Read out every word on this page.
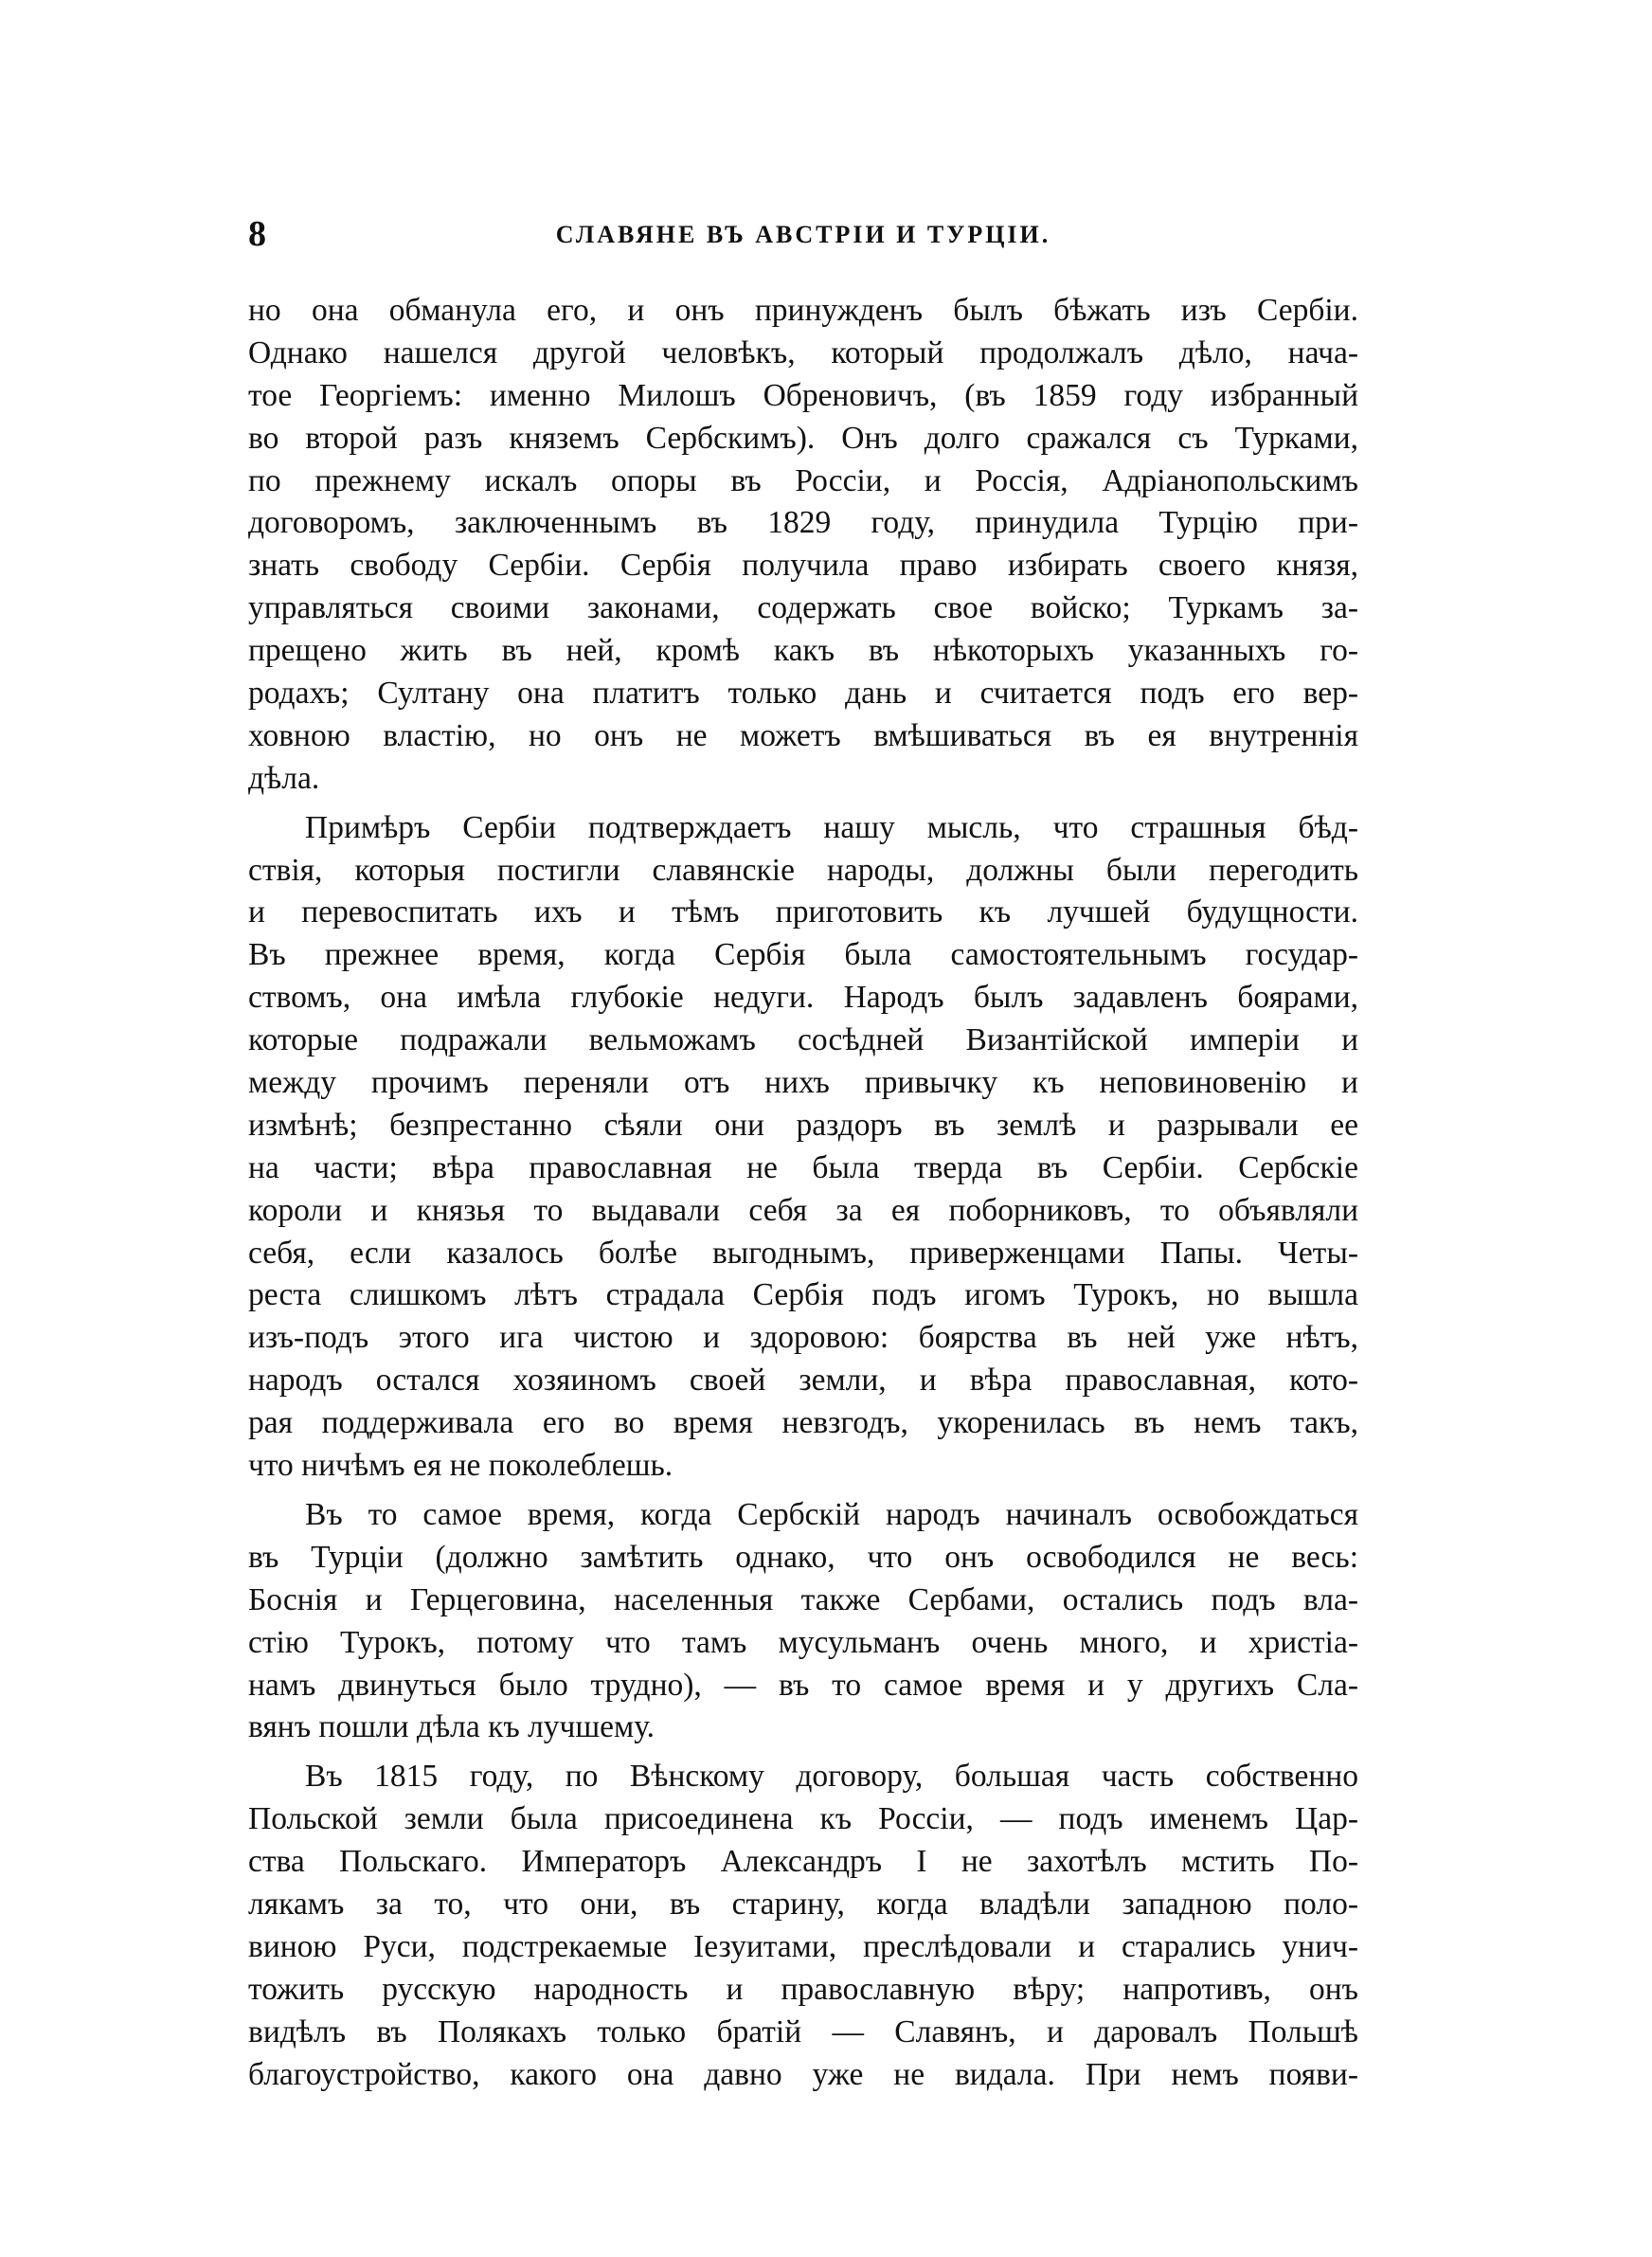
8	СЛАВЯНЕ ВЪ АВСТРІИ И ТУРЦІИ.

но она обманула его, и онъ принужденъ былъ бѣжать изъ Сербіи.
Однако нашелся другой человѣкъ, который продолжалъ дѣло, нача-
тое Георгіемъ: именно Милошъ Обреновичъ, (въ 1859 году избранный
во второй разъ княземъ Сербскимъ). Онъ долго сражался съ Турками,
по прежнему искалъ опоры въ Россіи, и Россія, Адріанопольскимъ
договоромъ, заключеннымъ въ 1829 году, принудила Турцію при-
знать свободу Сербіи. Сербія получила право избирать своего князя,
управляться своими законами, содержать свое войско; Туркамъ за-
прещено жить въ ней, кромѣ какъ въ нѣкоторыхъ указанныхъ го-
родахъ; Султану она платитъ только дань и считается подъ его вер-
ховною властію, но онъ не можетъ вмѣшиваться въ ея внутреннія
дѣла.

Примѣръ Сербіи подтверждаетъ нашу мысль, что страшныя бѣд-
ствія, которыя постигли славянскіе народы, должны были перегодить
и перевоспитать ихъ и тѣмъ приготовить къ лучшей будущности.
Въ прежнее время, когда Сербія была самостоятельнымъ государ-
ствомъ, она имѣла глубокіе недуги. Народъ былъ задавленъ боярами,
которые подражали вельможамъ сосѣдней Византійской имперіи и
между прочимъ переняли отъ нихъ привычку къ неповиновенію и
измѣнѣ; безпрестанно сѣяли они раздоръ въ землѣ и разрывали ее
на части; вѣра православная не была тверда въ Сербіи. Сербскіе
короли и князья то выдавали себя за ея поборниковъ, то объявляли
себя, если казалось болѣе выгоднымъ, приверженцами Папы. Четы-
реста слишкомъ лѣтъ страдала Сербія подъ игомъ Турокъ, но вышла
изъ-подъ этого ига чистою и здоровою: боярства въ ней уже нѣтъ,
народъ остался хозяиномъ своей земли, и вѣра православная, кото-
рая поддерживала его во время невзгодъ, укоренилась въ немъ такъ,
что ничѣмъ ея не поколеблешь.

Въ то самое время, когда Сербскій народъ начиналъ освобождаться
въ Турціи (должно замѣтить однако, что онъ освободился не весь:
Боснія и Герцеговина, населенныя также Сербами, остались подъ вла-
стію Турокъ, потому что тамъ мусульманъ очень много, и христіа-
намъ двинуться было трудно), — въ то самое время и у другихъ Сла-
вянъ пошли дѣла къ лучшему.

Въ 1815 году, по Вѣнскому договору, большая часть собственно
Польской земли была присоединена къ Россіи, — подъ именемъ Цар-
ства Польскаго. Императоръ Александръ I не захотѣлъ мстить По-
лякамъ за то, что они, въ старину, когда владѣли западною поло-
виною Руси, подстрекаемые Іезуитами, преслѣдовали и старались унич-
тожить русскую народность и православную вѣру; напротивъ, онъ
видѣлъ въ Полякахъ только братій — Славянъ, и даровалъ Польшѣ
благоустройство, какого она давно уже не видала. При немъ появи-
